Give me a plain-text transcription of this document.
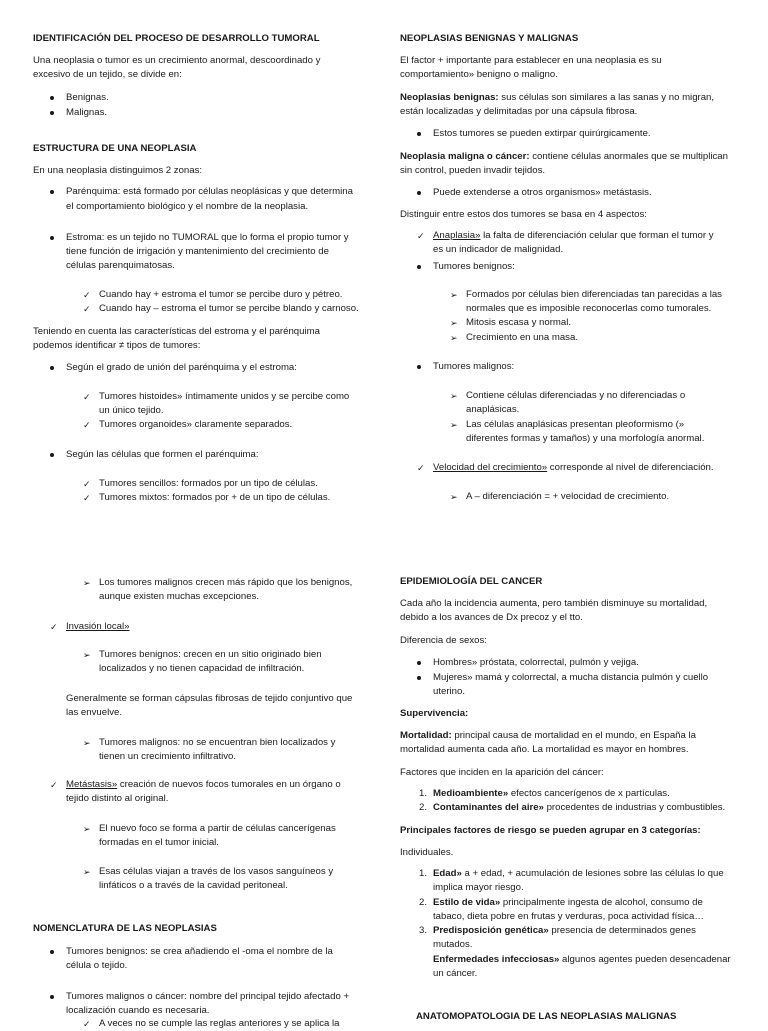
IDENTIFICACIÓN DEL PROCESO DE DESARROLLO TUMORAL

Una neoplasia o tumor es un crecimiento anormal, descoordinado y

excesivo de un tejido, se divide en:

Benignas.

Malignas.

ESTRUCTURA DE UNA NEOPLASIA

En una neoplasia distinguimos 2 zonas:

Parénquima: está formado por células neoplásicas y que determina

el comportamiento biológico y el nombre de la neoplasia.

Estroma: es un tejido no TUMORAL que lo forma el propio tumor y

tiene función de irrigación y mantenimiento del crecimiento de

células parenquimatosas.

✓ Cuando hay + estroma el tumor se percibe duro y pétreo.

✓ Cuando hay – estroma el tumor se percibe blando y carnoso.

Teniendo en cuenta las características del estroma y el parénquima

podemos identificar ≠ tipos de tumores:

Según el grado de unión del parénquima y el estroma:

✓ Tumores histoides» íntimamente unidos y se percibe como

un único tejido.

✓ Tumores organoides» claramente separados.

Según las células que formen el parénquima:

✓ Tumores sencillos: formados por un tipo de células.

✓ Tumores mixtos: formados por + de un tipo de células.

➢ Los tumores malignos crecen más rápido que los benignos,

aunque existen muchas excepciones.

✓ Invasión local»

➢ Tumores benignos: crecen en un sitio originado bien

localizados y no tienen capacidad de infiltración.

Generalmente se forman cápsulas fibrosas de tejido conjuntivo que

las envuelve.

➢ Tumores malignos: no se encuentran bien localizados y

tienen un crecimiento infiltrativo.

✓ Metástasis» creación de nuevos focos tumorales en un órgano o

tejido distinto al original.

➢ El nuevo foco se forma a partir de células cancerígenas

formadas en el tumor inicial.

➢ Esas células viajan a través de los vasos sanguíneos y

linfáticos o a través de la cavidad peritoneal.

NOMENCLATURA DE LAS NEOPLASIAS

Tumores benignos: se crea añadiendo el -oma el nombre de la

célula o tejido.

Tumores malignos o cáncer: nombre del principal tejido afectado +

localización cuando es necesaria.

✓ A veces no se cumple las reglas anteriores y se aplica la

NEOPLASIAS BENIGNAS Y MALIGNAS

El factor + importante para establecer en una neoplasia es su

comportamiento» benigno o maligno.

Neoplasias benignas: sus células son similares a las sanas y no migran,

están localizadas y delimitadas por una cápsula fibrosa.

Estos tumores se pueden extirpar quirúrgicamente.

Neoplasia maligna o cáncer: contiene células anormales que se multiplican

sin control, pueden invadir tejidos.

Puede extenderse a otros organismos» metástasis.

Distinguir entre estos dos tumores se basa en 4 aspectos:

✓ Anaplasia» la falta de diferenciación celular que forman el tumor y

es un indicador de malignidad.

Tumores benignos:

➢ Formados por células bien diferenciadas tan parecidas a las

normales que es imposible reconocerlas como tumorales.

➢ Mitosis escasa y normal.

➢ Crecimiento en una masa.

Tumores malignos:

➢ Contiene células diferenciadas y no diferenciadas o

anaplásicas.

➢ Las células anaplásicas presentan pleoformismo (»

diferentes formas y tamaños) y una morfología anormal.

✓ Velocidad del crecimiento» corresponde al nivel de diferenciación.

➢ A – diferenciación = + velocidad de crecimiento.

EPIDEMIOLOGÍA DEL CANCER

Cada año la incidencia aumenta, pero también disminuye su mortalidad,

debido a los avances de Dx precoz y el tto.

Diferencia de sexos:

Hombres» próstata, colorrectal, pulmón y vejiga.

Mujeres» mamá y colorrectal, a mucha distancia pulmón y cuello

uterino.

Supervivencia:

Mortalidad: principal causa de mortalidad en el mundo, en España la

mortalidad aumenta cada año. La mortalidad es mayor en hombres.

Factores que inciden en la aparición del cáncer:

1. Medioambiente» efectos cancerígenos de x partículas.

2. Contaminantes del aire» procedentes de industrias y combustibles.

Principales factores de riesgo se pueden agrupar en 3 categorías:

Individuales.

1. Edad» a + edad, + acumulación de lesiones sobre las células lo que

implica mayor riesgo.

2. Estilo de vida» principalmente ingesta de alcohol, consumo de

tabaco, dieta pobre en frutas y verduras, poca actividad física…

3. Predisposición genética» presencia de determinados genes

mutados.

Enfermedades infecciosas» algunos agentes pueden desencadenar

un cáncer.

ANATOMOPATOLOGIA DE LAS NEOPLASIAS MALIGNAS
